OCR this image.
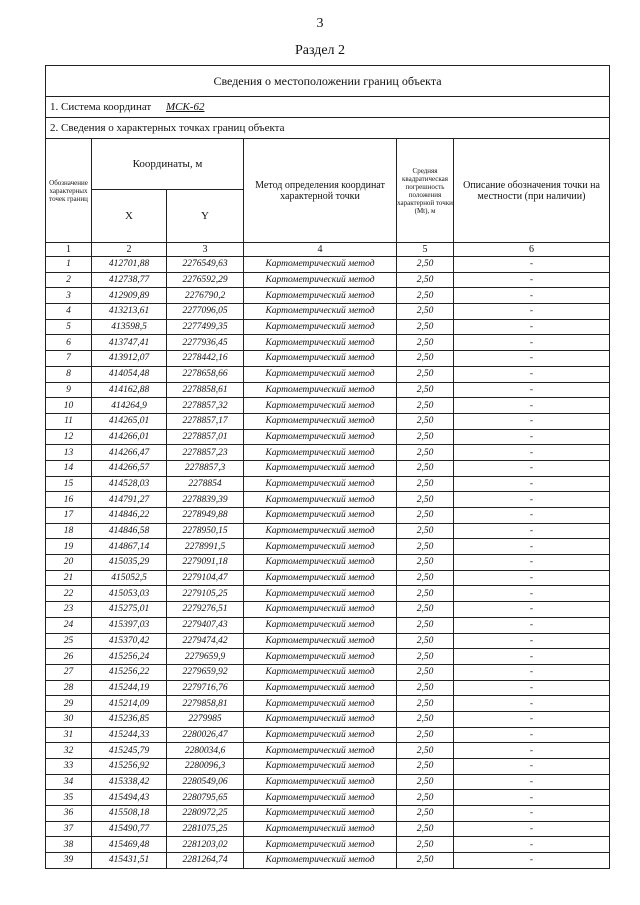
3
Раздел 2
Сведения о местоположении границ объекта					
1. Система координат МСК-62					
2. Сведения о характерных точках границ объекта					
Обозначение характерных точек границ	Координаты, м		Метод определения координат характерной точки	Средняя квадратическая погрешность положения характерной точки (Mt), м	Описание обозначения точки на местности (при наличии)
	X	Y			
1	2	3	4	5	6
1	412701,88	2276549,63	Картометрический метод	2,50	-
2	412738,77	2276592,29	Картометрический метод	2,50	-
3	412909,89	2276790,2	Картометрический метод	2,50	-
4	413213,61	2277096,05	Картометрический метод	2,50	-
5	413598,5	2277499,35	Картометрический метод	2,50	-
6	413747,41	2277936,45	Картометрический метод	2,50	-
7	413912,07	2278442,16	Картометрический метод	2,50	-
8	414054,48	2278658,66	Картометрический метод	2,50	-
9	414162,88	2278858,61	Картометрический метод	2,50	-
10	414264,9	2278857,32	Картометрический метод	2,50	-
11	414265,01	2278857,17	Картометрический метод	2,50	-
12	414266,01	2278857,01	Картометрический метод	2,50	-
13	414266,47	2278857,23	Картометрический метод	2,50	-
14	414266,57	2278857,3	Картометрический метод	2,50	-
15	414528,03	2278854	Картометрический метод	2,50	-
16	414791,27	2278839,39	Картометрический метод	2,50	-
17	414846,22	2278949,88	Картометрический метод	2,50	-
18	414846,58	2278950,15	Картометрический метод	2,50	-
19	414867,14	2278991,5	Картометрический метод	2,50	-
20	415035,29	2279091,18	Картометрический метод	2,50	-
21	415052,5	2279104,47	Картометрический метод	2,50	-
22	415053,03	2279105,25	Картометрический метод	2,50	-
23	415275,01	2279276,51	Картометрический метод	2,50	-
24	415397,03	2279407,43	Картометрический метод	2,50	-
25	415370,42	2279474,42	Картометрический метод	2,50	-
26	415256,24	2279659,9	Картометрический метод	2,50	-
27	415256,22	2279659,92	Картометрический метод	2,50	-
28	415244,19	2279716,76	Картометрический метод	2,50	-
29	415214,09	2279858,81	Картометрический метод	2,50	-
30	415236,85	2279985	Картометрический метод	2,50	-
31	415244,33	2280026,47	Картометрический метод	2,50	-
32	415245,79	2280034,6	Картометрический метод	2,50	-
33	415256,92	2280096,3	Картометрический метод	2,50	-
34	415338,42	2280549,06	Картометрический метод	2,50	-
35	415494,43	2280795,65	Картометрический метод	2,50	-
36	415508,18	2280972,25	Картометрический метод	2,50	-
37	415490,77	2281075,25	Картометрический метод	2,50	-
38	415469,48	2281203,02	Картометрический метод	2,50	-
39	415431,51	2281264,74	Картометрический метод	2,50	-
